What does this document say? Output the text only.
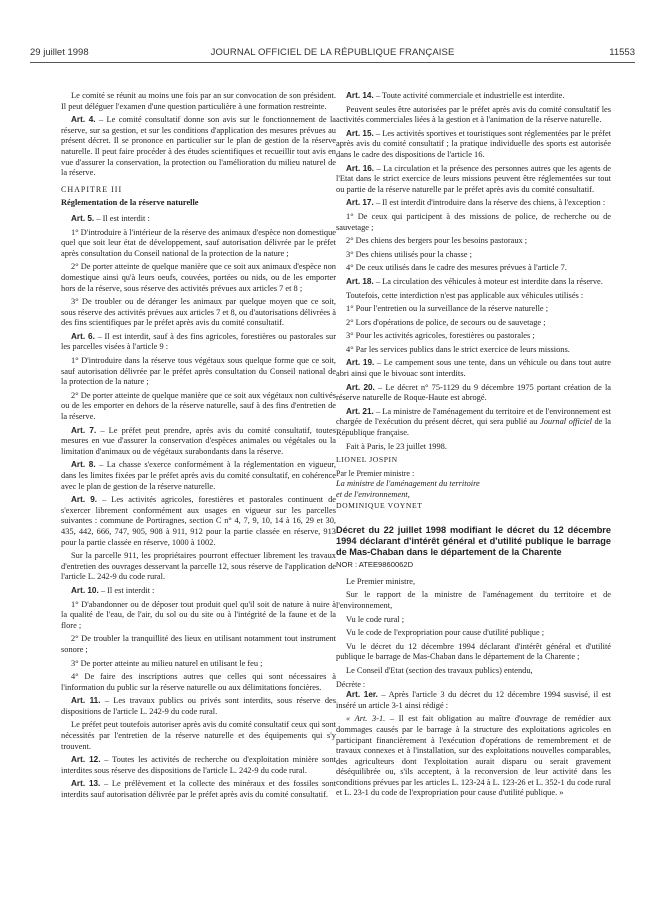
29 juillet 1998	JOURNAL OFFICIEL DE LA RÉPUBLIQUE FRANÇAISE	11553

Le comité se réunit au moins une fois par an sur convocation de son président. Il peut déléguer l'examen d'une question particulière à une formation restreinte.

Art. 4. – Le comité consultatif donne son avis sur le fonctionnement de la réserve, sur sa gestion, et sur les conditions d'application des mesures prévues au présent décret. Il se prononce en particulier sur le plan de gestion de la réserve naturelle. Il peut faire procéder à des études scientifiques et recueillir tout avis en vue d'assurer la conservation, la protection ou l'amélioration du milieu naturel de la réserve.

CHAPITRE III

Réglementation de la réserve naturelle

Art. 5. – Il est interdit :

1° D'introduire à l'intérieur de la réserve des animaux d'espèce non domestique quel que soit leur état de développement, sauf autorisation délivrée par le préfet après consultation du Conseil national de la protection de la nature ;

2° De porter atteinte de quelque manière que ce soit aux animaux d'espèce non domestique ainsi qu'à leurs oeufs, couvées, portées ou nids, ou de les emporter hors de la réserve, sous réserve des activités prévues aux articles 7 et 8 ;

3° De troubler ou de déranger les animaux par quelque moyen que ce soit, sous réserve des activités prévues aux articles 7 et 8, ou d'autorisations délivrées à des fins scientifiques par le préfet après avis du comité consultatif.

Art. 6. – Il est interdit, sauf à des fins agricoles, forestières ou pastorales sur les parcelles visées à l'article 9 :

1° D'introduire dans la réserve tous végétaux sous quelque forme que ce soit, sauf autorisation délivrée par le préfet après consultation du Conseil national de la protection de la nature ;

2° De porter atteinte de quelque manière que ce soit aux végétaux non cultivés ou de les emporter en dehors de la réserve naturelle, sauf à des fins d'entretien de la réserve.

Art. 7. – Le préfet peut prendre, après avis du comité consultatif, toutes mesures en vue d'assurer la conservation d'espèces animales ou végétales ou la limitation d'animaux ou de végétaux surabondants dans la réserve.

Art. 8. – La chasse s'exerce conformément à la réglementation en vigueur, dans les limites fixées par le préfet après avis du comité consultatif, en cohérence avec le plan de gestion de la réserve naturelle.

Art. 9. – Les activités agricoles, forestières et pastorales continuent de s'exercer librement conformément aux usages en vigueur sur les parcelles suivantes : commune de Portiragnes, section C n° 4, 7, 9, 10, 14 à 16, 29 et 30, 435, 442, 666, 747, 905, 908 à 911, 912 pour la partie classée en réserve, 913 pour la partie classée en réserve, 1000 à 1002.

Sur la parcelle 911, les propriétaires pourront effectuer librement les travaux d'entretien des ouvrages desservant la parcelle 12, sous réserve de l'application de l'article L. 242-9 du code rural.

Art. 10. – Il est interdit :

1° D'abandonner ou de déposer tout produit quel qu'il soit de nature à nuire à la qualité de l'eau, de l'air, du sol ou du site ou à l'intégrité de la faune et de la flore ;

2° De troubler la tranquillité des lieux en utilisant notamment tout instrument sonore ;

3° De porter atteinte au milieu naturel en utilisant le feu ;

4° De faire des inscriptions autres que celles qui sont nécessaires à l'information du public sur la réserve naturelle ou aux délimitations foncières.

Art. 11. – Les travaux publics ou privés sont interdits, sous réserve des dispositions de l'article L. 242-9 du code rural.

Le préfet peut toutefois autoriser après avis du comité consultatif ceux qui sont nécessités par l'entretien de la réserve naturelle et des équipements qui s'y trouvent.

Art. 12. – Toutes les activités de recherche ou d'exploitation minière sont interdites sous réserve des dispositions de l'article L. 242-9 du code rural.

Art. 13. – Le prélèvement et la collecte des minéraux et des fossiles sont interdits sauf autorisation délivrée par le préfet après avis du comité consultatif.

Art. 14. – Toute activité commerciale et industrielle est interdite.

Peuvent seules être autorisées par le préfet après avis du comité consultatif les activités commerciales liées à la gestion et à l'animation de la réserve naturelle.

Art. 15. – Les activités sportives et touristiques sont réglementées par le préfet après avis du comité consultatif ; la pratique individuelle des sports est autorisée dans le cadre des dispositions de l'article 16.

Art. 16. – La circulation et la présence des personnes autres que les agents de l'Etat dans le strict exercice de leurs missions peuvent être réglementées sur tout ou partie de la réserve naturelle par le préfet après avis du comité consultatif.

Art. 17. – Il est interdit d'introduire dans la réserve des chiens, à l'exception :

1° De ceux qui participent à des missions de police, de recherche ou de sauvetage ;

2° Des chiens des bergers pour les besoins pastoraux ;

3° Des chiens utilisés pour la chasse ;

4° De ceux utilisés dans le cadre des mesures prévues à l'article 7.

Art. 18. – La circulation des véhicules à moteur est interdite dans la réserve.

Toutefois, cette interdiction n'est pas applicable aux véhicules utilisés :

1° Pour l'entretien ou la surveillance de la réserve naturelle ;

2° Lors d'opérations de police, de secours ou de sauvetage ;

3° Pour les activités agricoles, forestières ou pastorales ;

4° Par les services publics dans le strict exercice de leurs missions.

Art. 19. – Le campement sous une tente, dans un véhicule ou dans tout autre abri ainsi que le bivouac sont interdits.

Art. 20. – Le décret n° 75-1129 du 9 décembre 1975 portant création de la réserve naturelle de Roque-Haute est abrogé.

Art. 21. – La ministre de l'aménagement du territoire et de l'environnement est chargée de l'exécution du présent décret, qui sera publié au Journal officiel de la République française.

Fait à Paris, le 23 juillet 1998.

LIONEL JOSPIN

Par le Premier ministre :

La ministre de l'aménagement du territoire

et de l'environnement,

DOMINIQUE VOYNET

Décret du 22 juillet 1998 modifiant le décret du 12 décembre 1994 déclarant d'intérêt général et d'utilité publique le barrage de Mas-Chaban dans le département de la Charente

NOR : ATEE9860062D

Le Premier ministre,

Sur le rapport de la ministre de l'aménagement du territoire et de l'environnement,

Vu le code rural ;

Vu le code de l'expropriation pour cause d'utilité publique ;

Vu le décret du 12 décembre 1994 déclarant d'intérêt général et d'utilité publique le barrage de Mas-Chaban dans le département de la Charente ;

Le Conseil d'Etat (section des travaux publics) entendu,

Décrète :

Art. 1er. – Après l'article 3 du décret du 12 décembre 1994 susvisé, il est inséré un article 3-1 ainsi rédigé :

« Art. 3-1. – Il est fait obligation au maître d'ouvrage de remédier aux dommages causés par le barrage à la structure des exploitations agricoles en participant financièrement à l'exécution d'opérations de remembrement et de travaux connexes et à l'installation, sur des exploitations nouvelles comparables, des agriculteurs dont l'exploitation aurait disparu ou serait gravement déséquilibrée ou, s'ils acceptent, à la reconversion de leur activité dans les conditions prévues par les articles L. 123-24 à L. 123-26 et L. 352-1 du code rural et L. 23-1 du code de l'expropriation pour cause d'utilité publique. »
